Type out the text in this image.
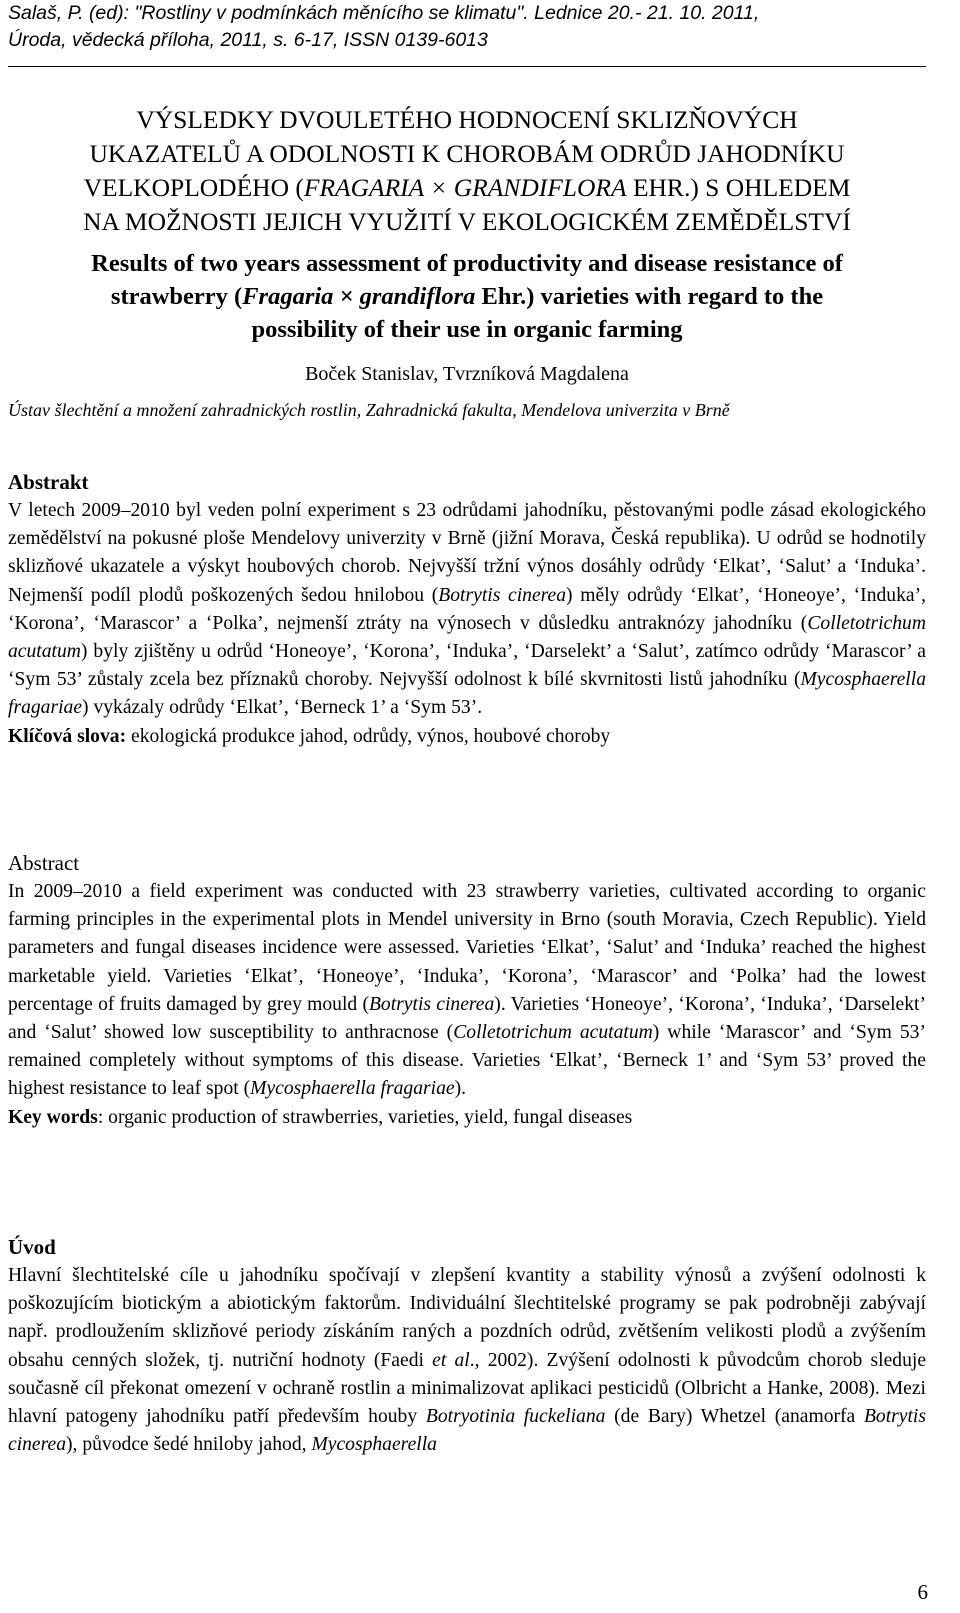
Salaš, P. (ed): "Rostliny v podmínkách měnícího se klimatu". Lednice 20.- 21. 10. 2011,
Úroda, vědecká příloha, 2011, s. 6-17, ISSN 0139-6013
VÝSLEDKY DVOULETÉHO HODNOCENÍ SKLIZŇOVÝCH
UKAZATELŮ A ODOLNOSTI K CHOROBÁM ODRŮD JAHODNÍKU
VELKOPLODÉHO (FRAGARIA × GRANDIFLORA EHR.) S OHLEDEM
NA MOŽNOSTI JEJICH VYUŽITÍ V EKOLOGICKÉM ZEMĚDĚLSTVÍ
Results of two years assessment of productivity and disease resistance of
strawberry (Fragaria × grandiflora Ehr.) varieties with regard to the
possibility of their use in organic farming
Boček Stanislav, Tvrzníková Magdalena
Ústav šlechtění a množení zahradnických rostlin, Zahradnická fakulta, Mendelova univerzita v Brně
Abstrakt

V letech 2009‒2010 byl veden polní experiment s 23 odrůdami jahodníku, pěstovanými podle zásad ekologického zemědělství na pokusné ploše Mendelovy univerzity v Brně (jižní Morava, Česká republika). U odrůd se hodnotily sklizňové ukazatele a výskyt houbových chorob. Nejvyšší tržní výnos dosáhly odrůdy ‘Elkat’, ‘Salut’ a ‘Induka’. Nejmenší podíl plodů poškozených šedou hnilobou (Botrytis cinerea) měly odrůdy ‘Elkat’, ‘Honeoye’, ‘Induka’, ‘Korona’, ‘Marascor’ a ‘Polka’, nejmenší ztráty na výnosech v důsledku antraknózy jahodníku (Colletotrichum acutatum) byly zjištěny u odrůd ‘Honeoye’, ‘Korona’, ‘Induka’, ‘Darselekt’ a ‘Salut’, zatímco odrůdy ‘Marascor’ a ‘Sym 53’ zůstaly zcela bez příznaků choroby. Nejvyšší odolnost k bílé skvrnitosti listů jahodníku (Mycosphaerella fragariae) vykázaly odrůdy ‘Elkat’, ‘Berneck 1’ a ‘Sym 53’.

Klíčová slova: ekologická produkce jahod, odrůdy, výnos, houbové choroby

Abstract

In 2009‒2010 a field experiment was conducted with 23 strawberry varieties, cultivated according to organic farming principles in the experimental plots in Mendel university in Brno (south Moravia, Czech Republic). Yield parameters and fungal diseases incidence were assessed. Varieties ‘Elkat’, ‘Salut’ and ‘Induka’ reached the highest marketable yield. Varieties ‘Elkat’, ‘Honeoye’, ‘Induka’, ‘Korona’, ‘Marascor’ and ‘Polka’ had the lowest percentage of fruits damaged by grey mould (Botrytis cinerea). Varieties ‘Honeoye’, ‘Korona’, ‘Induka’, ‘Darselekt’ and ‘Salut’ showed low susceptibility to anthracnose (Colletotrichum acutatum) while ‘Marascor’ and ‘Sym 53’ remained completely without symptoms of this disease. Varieties ‘Elkat’, ‘Berneck 1’ and ‘Sym 53’ proved the highest resistance to leaf spot (Mycosphaerella fragariae).

Key words: organic production of strawberries, varieties, yield, fungal diseases

Úvod

Hlavní šlechtitelské cíle u jahodníku spočívají v zlepšení kvantity a stability výnosů a zvýšení odolnosti k poškozujícím biotickým a abiotickým faktorům. Individuální šlechtitelské programy se pak podrobněji zabývají např. prodloužením sklizňové periody získáním raných a pozdních odrůd, zvětšením velikosti plodů a zvýšením obsahu cenných složek, tj. nutriční hodnoty (Faedi et al., 2002). Zvýšení odolnosti k původcům chorob sleduje současně cíl překonat omezení v ochraně rostlin a minimalizovat aplikaci pesticidů (Olbricht a Hanke, 2008). Mezi hlavní patogeny jahodníku patří především houby Botryotinia fuckeliana (de Bary) Whetzel (anamorfa Botrytis cinerea), původce šedé hniloby jahod, Mycosphaerella

6
